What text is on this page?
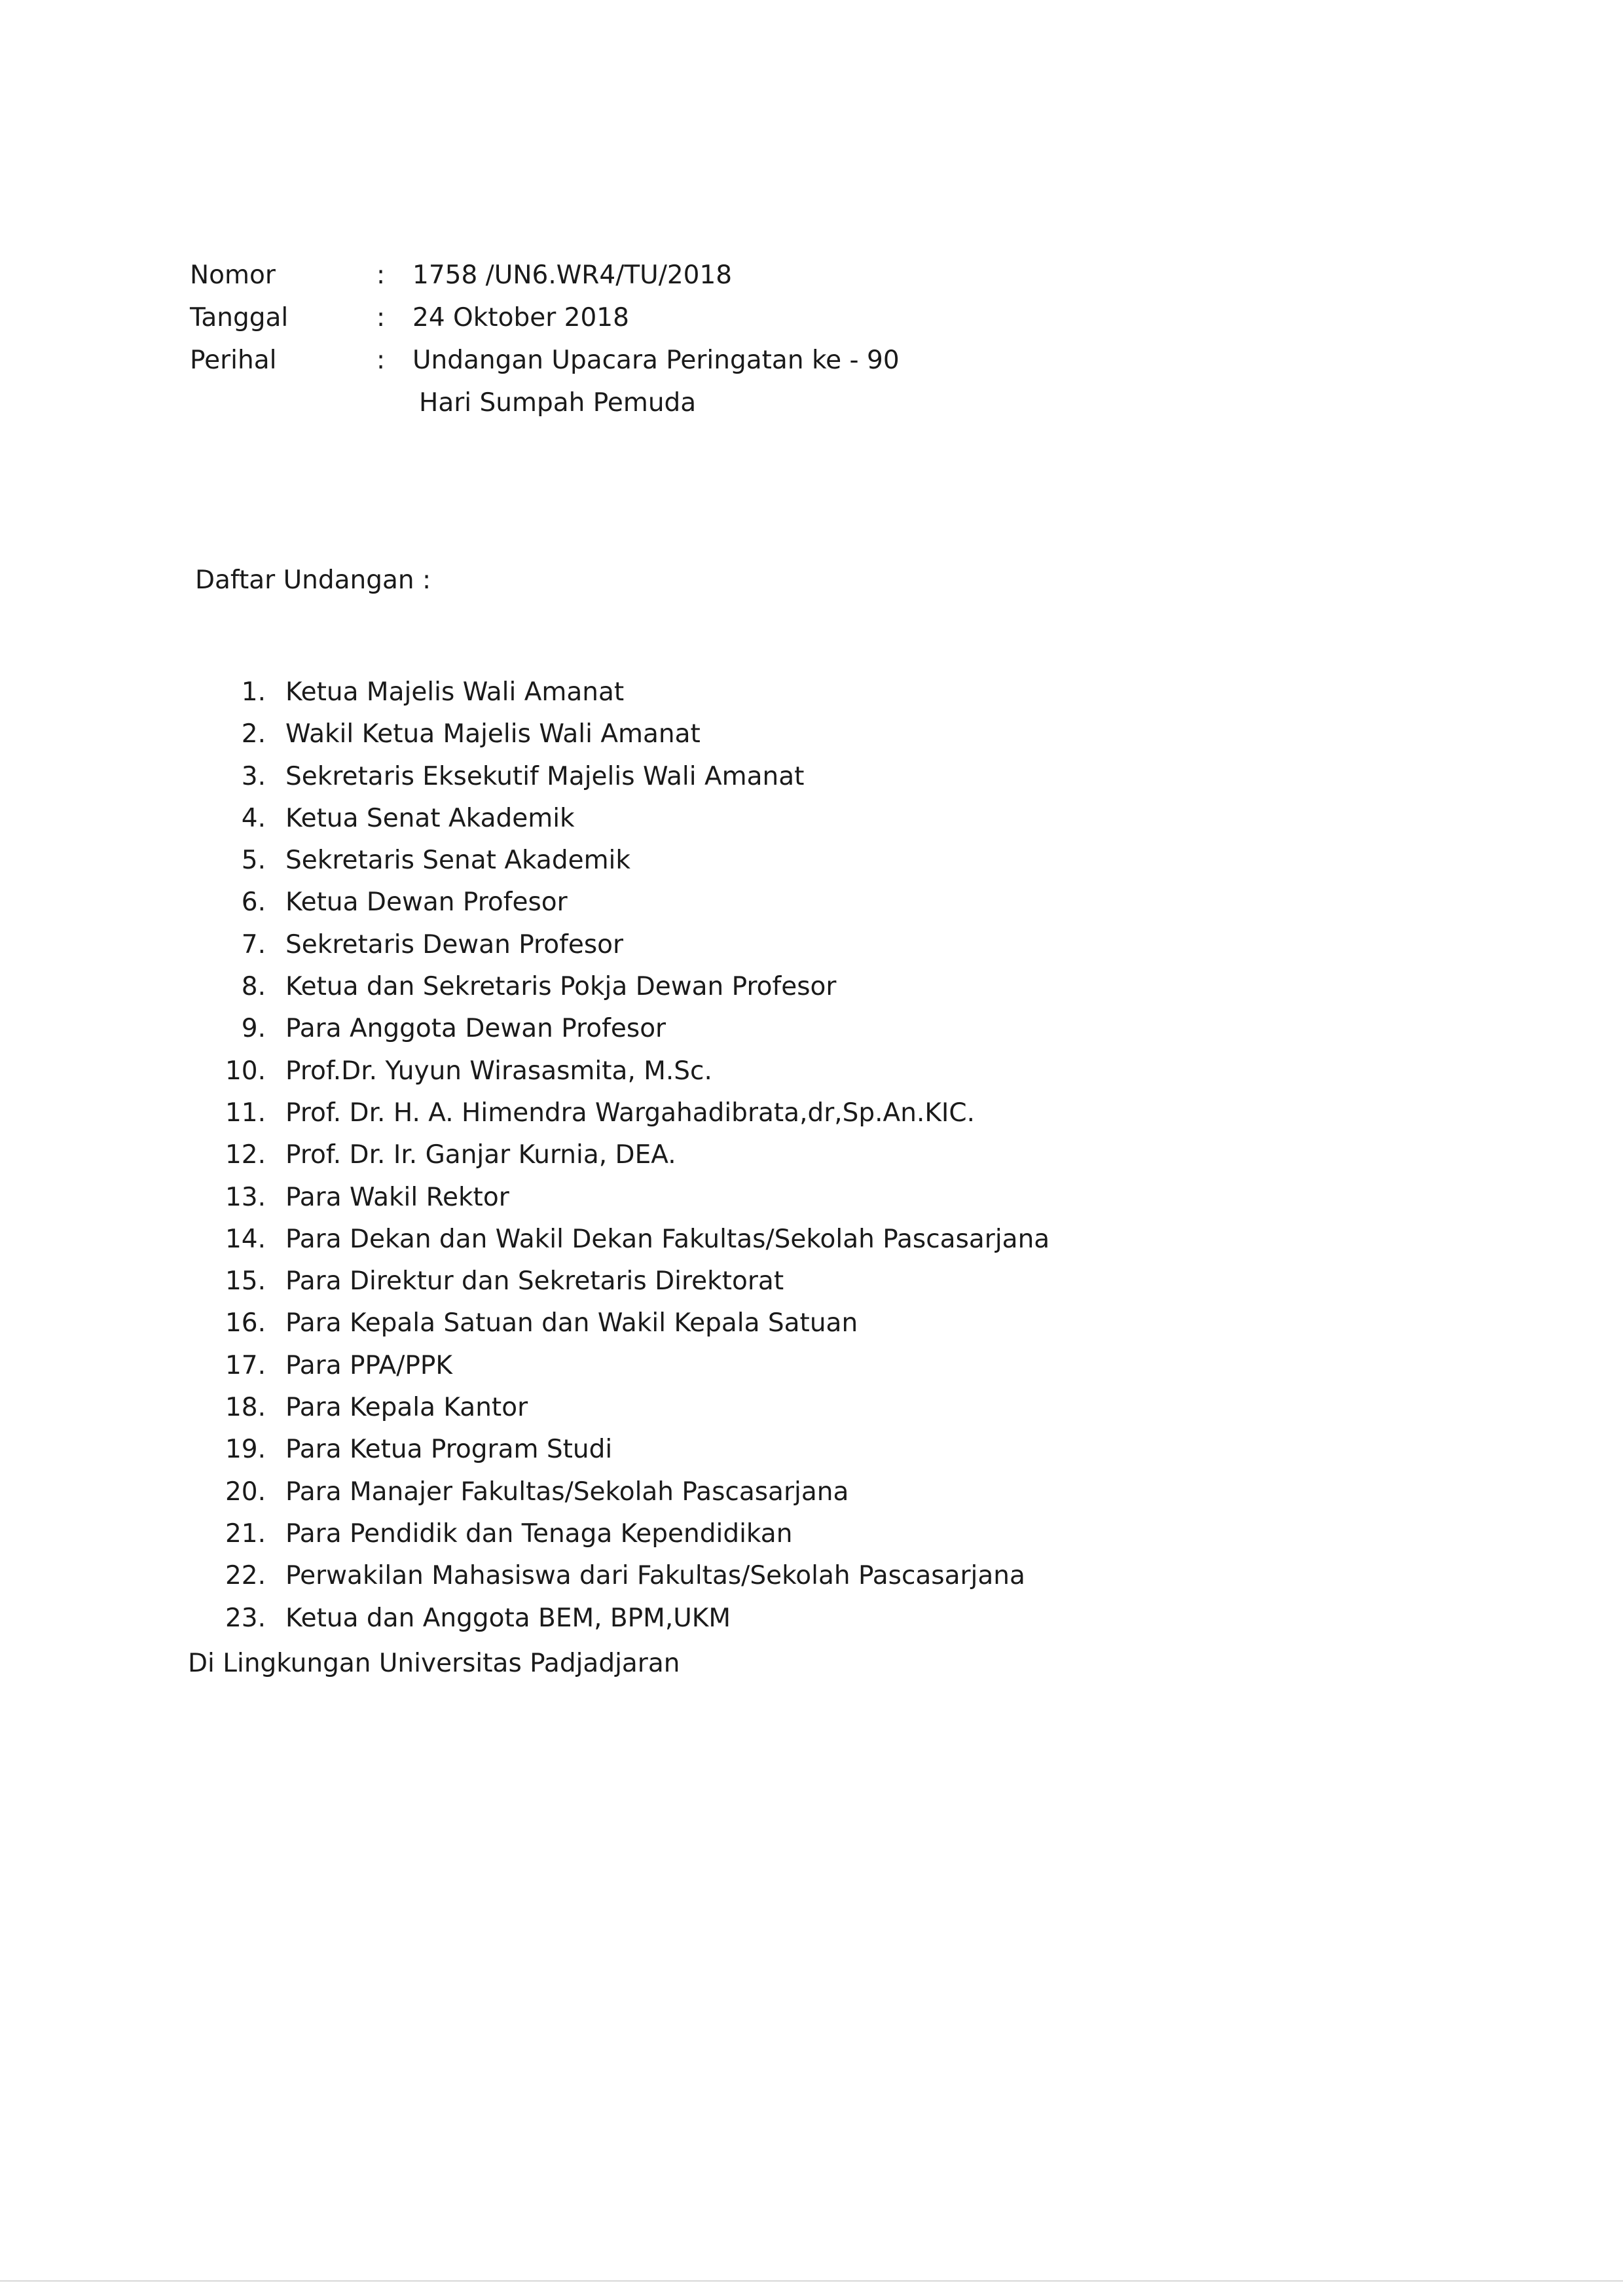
Nomor	:	1758 /UN6.WR4/TU/2018
Tanggal	:	24 Oktober 2018
Perihal	:	Undangan Upacara Peringatan ke - 90
Hari Sumpah Pemuda
Daftar Undangan :
1. Ketua Majelis Wali Amanat
2. Wakil Ketua Majelis Wali Amanat
3. Sekretaris Eksekutif Majelis Wali Amanat
4. Ketua Senat Akademik
5. Sekretaris Senat Akademik
6. Ketua Dewan Profesor
7. Sekretaris Dewan Profesor
8. Ketua dan Sekretaris Pokja Dewan Profesor
9. Para Anggota Dewan Profesor
10. Prof.Dr. Yuyun Wirasasmita, M.Sc.
11. Prof. Dr. H. A. Himendra Wargahadibrata,dr,Sp.An.KIC.
12. Prof. Dr. Ir. Ganjar Kurnia, DEA.
13. Para Wakil Rektor
14. Para Dekan dan Wakil Dekan Fakultas/Sekolah Pascasarjana
15. Para Direktur dan Sekretaris Direktorat
16. Para Kepala Satuan dan Wakil Kepala Satuan
17. Para PPA/PPK
18. Para Kepala Kantor
19. Para Ketua Program Studi
20. Para Manajer Fakultas/Sekolah Pascasarjana
21. Para Pendidik dan Tenaga Kependidikan
22. Perwakilan Mahasiswa dari Fakultas/Sekolah Pascasarjana
23. Ketua dan Anggota BEM, BPM,UKM
Di Lingkungan Universitas Padjadjaran
